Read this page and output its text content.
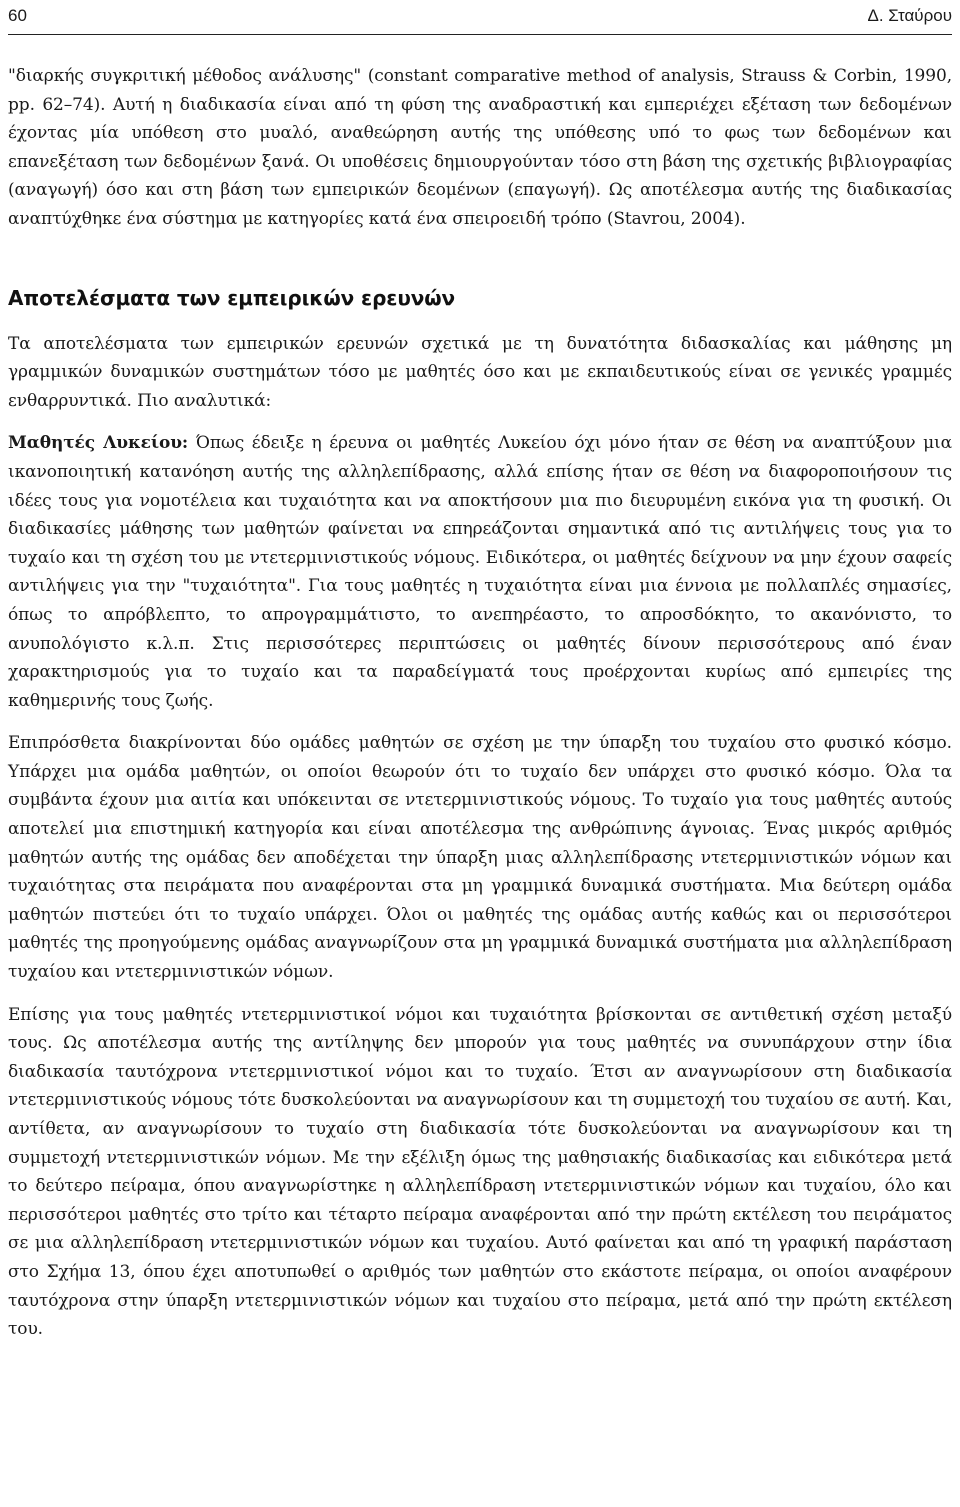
60	Δ. Σταύρου

"διαρκής συγκριτική μέθοδος ανάλυσης" (constant comparative method of analysis, Strauss & Corbin, 1990, pp. 62–74). Αυτή η διαδικασία είναι από τη φύση της αναδραστική και εμπεριέχει εξέταση των δεδομένων έχοντας μία υπόθεση στο μυαλό, αναθεώρηση αυτής της υπόθεσης υπό το φως των δεδομένων και επανεξέταση των δεδομένων ξανά. Οι υποθέσεις δημιουργούνταν τόσο στη βάση της σχετικής βιβλιογραφίας (αναγωγή) όσο και στη βάση των εμπειρικών δεομένων (επαγωγή). Ως αποτέλεσμα αυτής της διαδικασίας αναπτύχθηκε ένα σύστημα με κατηγορίες κατά ένα σπειροειδή τρόπο (Stavrou, 2004).

Αποτελέσματα των εμπειρικών ερευνών

Τα αποτελέσματα των εμπειρικών ερευνών σχετικά με τη δυνατότητα διδασκαλίας και μάθησης μη γραμμικών δυναμικών συστημάτων τόσο με μαθητές όσο και με εκπαιδευτικούς είναι σε γενικές γραμμές ενθαρρυντικά. Πιο αναλυτικά:

Μαθητές Λυκείου: Όπως έδειξε η έρευνα οι μαθητές Λυκείου όχι μόνο ήταν σε θέση να αναπτύξουν μια ικανοποιητική κατανόηση αυτής της αλληλεπίδρασης, αλλά επίσης ήταν σε θέση να διαφοροποιήσουν τις ιδέες τους για νομοτέλεια και τυχαιότητα και να αποκτήσουν μια πιο διευρυμένη εικόνα για τη φυσική. Οι διαδικασίες μάθησης των μαθητών φαίνεται να επηρεάζονται σημαντικά από τις αντιλήψεις τους για το τυχαίο και τη σχέση του με ντετερμινιστικούς νόμους. Ειδικότερα, οι μαθητές δείχνουν να μην έχουν σαφείς αντιλήψεις για την "τυχαιότητα". Για τους μαθητές η τυχαιότητα είναι μια έννοια με πολλαπλές σημασίες, όπως το απρόβλεπτο, το απρογραμμάτιστο, το ανεπηρέαστο, το απροσδόκητο, το ακανόνιστο, το ανυπολόγιστο κ.λ.π. Στις περισσότερες περιπτώσεις οι μαθητές δίνουν περισσότερους από έναν χαρακτηρισμούς για το τυχαίο και τα παραδείγματά τους προέρχονται κυρίως από εμπειρίες της καθημερινής τους ζωής.

Επιπρόσθετα διακρίνονται δύο ομάδες μαθητών σε σχέση με την ύπαρξη του τυχαίου στο φυσικό κόσμο. Υπάρχει μια ομάδα μαθητών, οι οποίοι θεωρούν ότι το τυχαίο δεν υπάρχει στο φυσικό κόσμο. Όλα τα συμβάντα έχουν μια αιτία και υπόκεινται σε ντετερμινιστικούς νόμους. Το τυχαίο για τους μαθητές αυτούς αποτελεί μια επιστημική κατηγορία και είναι αποτέλεσμα της ανθρώπινης άγνοιας. Ένας μικρός αριθμός μαθητών αυτής της ομάδας δεν αποδέχεται την ύπαρξη μιας αλληλεπίδρασης ντετερμινιστικών νόμων και τυχαιότητας στα πειράματα που αναφέρονται στα μη γραμμικά δυναμικά συστήματα. Μια δεύτερη ομάδα μαθητών πιστεύει ότι το τυχαίο υπάρχει. Όλοι οι μαθητές της ομάδας αυτής καθώς και οι περισσότεροι μαθητές της προηγούμενης ομάδας αναγνωρίζουν στα μη γραμμικά δυναμικά συστήματα μια αλληλεπίδραση τυχαίου και ντετερμινιστικών νόμων.

Επίσης για τους μαθητές ντετερμινιστικοί νόμοι και τυχαιότητα βρίσκονται σε αντιθετική σχέση μεταξύ τους. Ως αποτέλεσμα αυτής της αντίληψης δεν μπορούν για τους μαθητές να συνυπάρχουν στην ίδια διαδικασία ταυτόχρονα ντετερμινιστικοί νόμοι και το τυχαίο. Έτσι αν αναγνωρίσουν στη διαδικασία ντετερμινιστικούς νόμους τότε δυσκολεύονται να αναγνωρίσουν και τη συμμετοχή του τυχαίου σε αυτή. Και, αντίθετα, αν αναγνωρίσουν το τυχαίο στη διαδικασία τότε δυσκολεύονται να αναγνωρίσουν και τη συμμετοχή ντετερμινιστικών νόμων. Με την εξέλιξη όμως της μαθησιακής διαδικασίας και ειδικότερα μετά το δεύτερο πείραμα, όπου αναγνωρίστηκε η αλληλεπίδραση ντετερμινιστικών νόμων και τυχαίου, όλο και περισσότεροι μαθητές στο τρίτο και τέταρτο πείραμα αναφέρονται από την πρώτη εκτέλεση του πειράματος σε μια αλληλεπίδραση ντετερμινιστικών νόμων και τυχαίου. Αυτό φαίνεται και από τη γραφική παράσταση στο Σχήμα 13, όπου έχει αποτυπωθεί ο αριθμός των μαθητών στο εκάστοτε πείραμα, οι οποίοι αναφέρουν ταυτόχρονα στην ύπαρξη ντετερμινιστικών νόμων και τυχαίου στο πείραμα, μετά από την πρώτη εκτέλεση του.
